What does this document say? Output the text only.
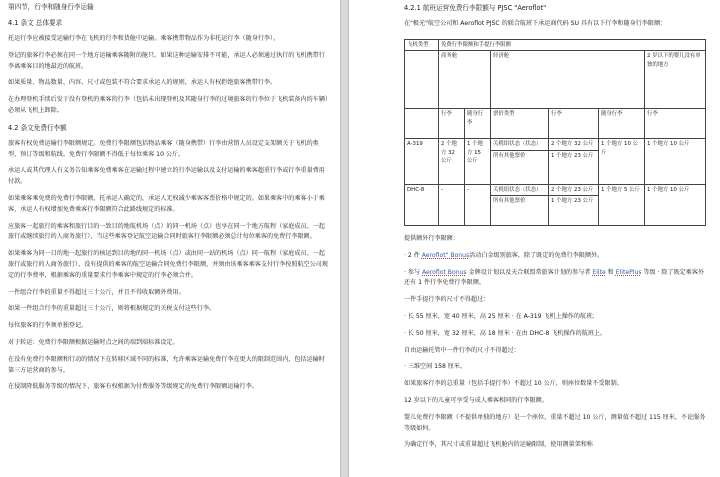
第四节，行李和随身行李运输

4.1 条文 总体要求

托运行李应被接受运输行李在飞机的行李和货舱中运输。乘客携带物品作为非托运行李（随身行李）。

登记的旅客行李必须在同一个地方运输乘客随附的舱只。如果这种运输安排不可能，承运人必须通过执行的飞机携带行李离乘客目的地最近的航班。

如果质量、物品数量、内容、尺寸或包装不符合要求承运人的规则，承运人有权拒绝旅客携带行李。

在办理登机手续后发于没有登机的乘客的行李（包括未出现登机及其随身行李的过境旅客的行李位于飞机装备内的车辆）必须从飞机上卸除。

4.2 条文免费行李额

旅客有权免费运输行李限额规定。免费行李限额包括物品乘客（随身携带）行李由营销人员设定支架额关于飞机的类型、预订等级和航线。免费行李限额不得低于每位乘客 10 公斤。

承运人或其代理人有义务告知乘客免费乘客在运输过程中建立的行李运输以及支付运输的乘客超重行李或行李重量费用付款。

如果乘客乘免费的免费行李限额，托承运人确定的，承运人无权减少乘客客票价格中规定的。如果乘客中的乘客小于乘客，承运人有权增加免费乘客行李限额符合此路线规定的标准。

应旅客一起旅行的乘客和旅行目的一致目的地航机场（点）的同一机场（点）也享在同一个地方航程（家庭成员、一起旅行或继续旅行的人商务旅行），当这些乘客登记航空运输合同时旅客行李限额必须总计每位乘客的免费行李限额。

如果乘客为同一目的地一起旅行的核运到目的地的同一机场（点）或由同一站的机场（点）同一航程（家庭成员、一起旅行或旅行的人商务旅行），没有提供的乘客的航空运输合同免费行李限额，并须由该乘客乘客支付行李按照航空公司规定的行李费率，根据乘客的重量要求行李乘客中规定的行李必须合并。

一件组合行李的重量不得超过三十公斤，并且不得收取额外费用。

如果一件组合行李的重量超过三十公斤，则将根据规定的关税支付这些行李。

每位旅客的行李须单独登记。

对于转运：免费行李限额根据运输时点之间的端到端标准设定。

在没有免费行李限额和行动的情况下在转移区域不同的标准，允许乘客运输免费行李在更大的限制范围内，包括运输时第三方运营商的参与。

在侵制降低服务等级的情况下，旅客有权根据为付费服务等级规定的免费行李限额运输行李。

4.2.1 航班运营免费行李限额与 PJSC "Aeroflot"

在"极光"航空公司和 Aeroflot PJSC 的联合航班下承运商代码 SU 具有以下行李和随身行李限额：

飞机类型	免费行李限额和手提行李限额					
	商务舱		经济舱			2 岁以下的婴儿没有单独的地方
	行李	随身行李	票价类型	行李	随身行李	行李
A-319	2 个地方 32 公斤	1 个地方 15 公斤	关税组状态（状态）	2 个地方 32 公斤	1 个地方 10 公斤	1 个地方 10 公斤
			所有其他票价	1 个地方 23 公斤		
DHC-8	-	-	关税组状态（状态）	2 个地方 23 公斤	1 个地方 5 公斤	1 个地方 10 公斤
			所有其他票价	1 个地方 23 公斤		

提供额外行李限额：

· 2 件 Aeroflot" Bonus活动白金级别旅客，除了既定的免费行李限额外。

· 参与 Aeroflot Bonus 金牌设计划以及天合联盟常旅客计划的参与者 Elite 和 ElitePlus 等级 · 除了既定乘客外还有 1 件行李免费行李限额。

一件手提行李的尺寸不得超过：

· 长 55 厘米，宽 40 厘米，高 25 厘米 · 在 A-319 飞机上操作的航班;

· 长 50 厘米，宽 32 厘米，高 18 厘米 · 在由 DHC-8 飞机操作的航班上。

自由运输托管中一件行李的尺寸不得超过：

· 三维空间 158 厘米。

如果旅客行李的总重量（包括手提行李）不超过 10 公斤，则座位数量不受限制。

12 岁以下的儿童可享受与成人乘客相同的行李限额。

婴儿免费行李限额（不提供单独的地方）是一个座位，重量不超过 10 公斤，测量值不超过 115 厘米，不论服务等级如何。

为确定行李，其尺寸或重量超过飞机舱内的运输限制，使用测量架和称
